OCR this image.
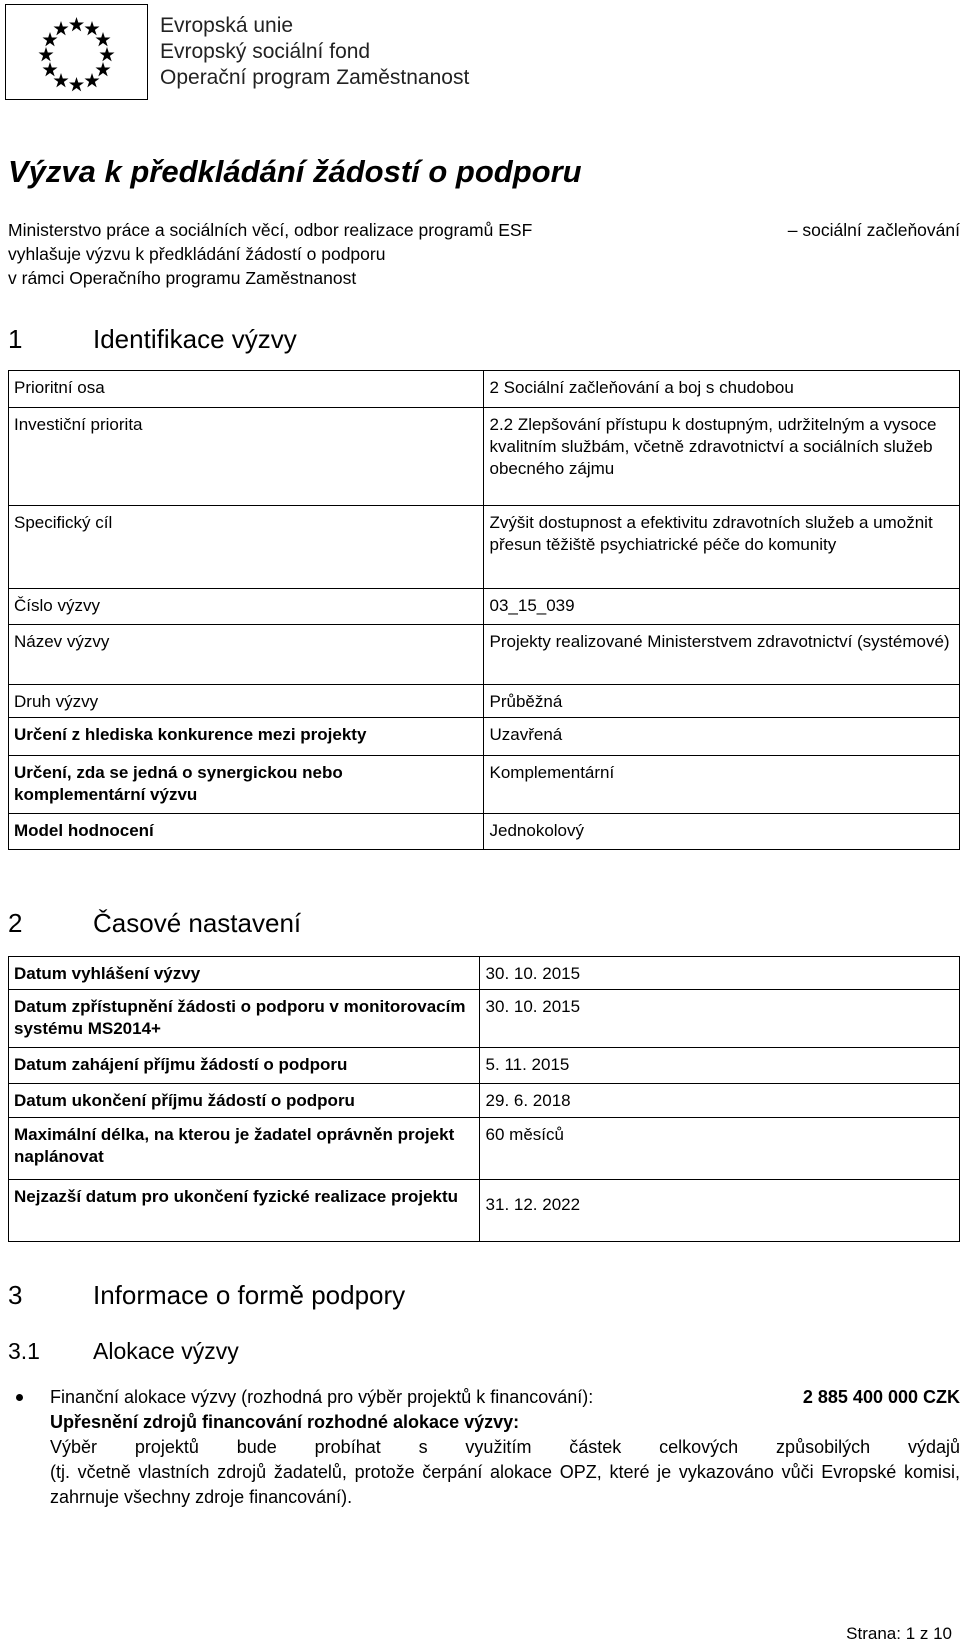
Evropská unie
Evropský sociální fond
Operační program Zaměstnanost
Výzva k předkládání žádostí o podporu
Ministerstvo práce a sociálních věcí, odbor realizace programů ESF	– sociální začleňování
vyhlašuje výzvu k předkládání žádostí o podporu
v rámci Operačního programu Zaměstnanost
1	Identifikace výzvy
Prioritní osa	2 Sociální začleňování a boj s chudobou
Investiční priorita	2.2 Zlepšování přístupu k dostupným, udržitelným a vysoce kvalitním službám, včetně zdravotnictví a sociálních služeb obecného zájmu
Specifický cíl	Zvýšit dostupnost a efektivitu zdravotních služeb a umožnit přesun těžiště psychiatrické péče do komunity
Číslo výzvy	03_15_039
Název výzvy	Projekty realizované Ministerstvem zdravotnictví (systémové)
Druh výzvy	Průběžná
Určení z hlediska konkurence mezi projekty	Uzavřená
Určení, zda se jedná o synergickou nebo komplementární výzvu	Komplementární
Model hodnocení	Jednokolový
2	Časové nastavení
Datum vyhlášení výzvy	30. 10. 2015
Datum zpřístupnění žádosti o podporu v monitorovacím systému MS2014+	30. 10. 2015
Datum zahájení příjmu žádostí o podporu	5. 11. 2015
Datum ukončení příjmu žádostí o podporu	29. 6. 2018
Maximální délka, na kterou je žadatel oprávněn projekt naplánovat	60 měsíců
Nejzazší datum pro ukončení fyzické realizace projektu	31. 12. 2022
3	Informace o formě podpory
3.1 Alokace výzvy
Finanční alokace výzvy (rozhodná pro výběr projektů k financování):	2 885 400 000 CZK
Upřesnění zdrojů financování rozhodné alokace výzvy:
Výběr projektů bude probíhat s využitím částek celkových způsobilých výdajů
(tj. včetně vlastních zdrojů žadatelů, protože čerpání alokace OPZ, které je vykazováno vůči Evropské komisi, zahrnuje všechny zdroje financování).
Strana: 1 z 10
